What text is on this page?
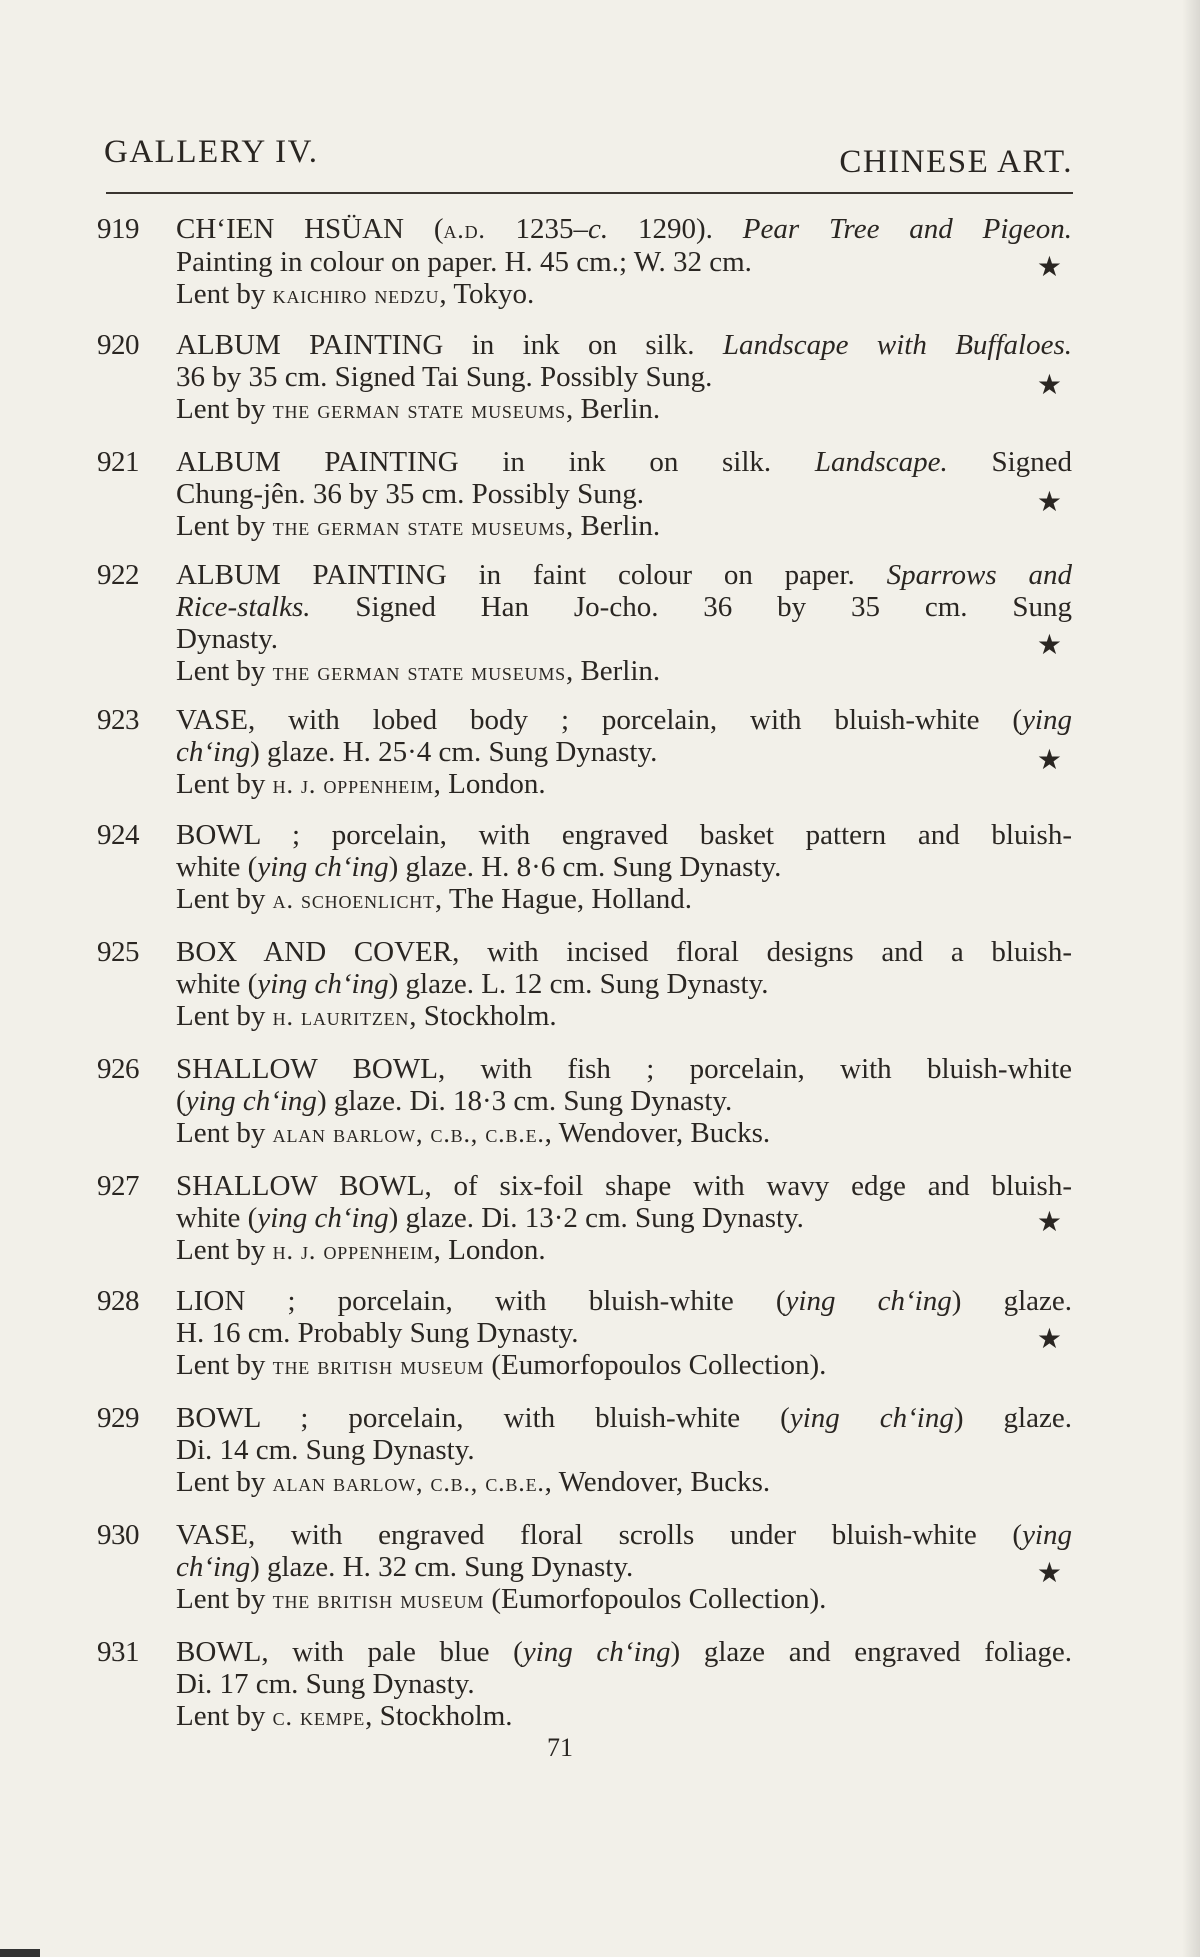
GALLERY IV.	CHINESE ART.
919	CH‘IEN HSÜAN (a.d. 1235–c. 1290). Pear Tree and Pigeon.
Painting in colour on paper. H. 45 cm.; W. 32 cm.	★
Lent by kaichiro nedzu, Tokyo.
920	ALBUM PAINTING in ink on silk. Landscape with Buffaloes.
36 by 35 cm. Signed Tai Sung. Possibly Sung.	★
Lent by the german state museums, Berlin.
921	ALBUM PAINTING in ink on silk. Landscape. Signed
Chung-jên. 36 by 35 cm. Possibly Sung.	★
Lent by the german state museums, Berlin.
922	ALBUM PAINTING in faint colour on paper. Sparrows and
Rice-stalks. Signed Han Jo-cho. 36 by 35 cm. Sung
Dynasty.	★
Lent by the german state museums, Berlin.
923	VASE, with lobed body ; porcelain, with bluish-white (ying
ch‘ing) glaze. H. 25·4 cm. Sung Dynasty.	★
Lent by h. j. oppenheim, London.
924	BOWL ; porcelain, with engraved basket pattern and bluish-
white (ying ch‘ing) glaze. H. 8·6 cm. Sung Dynasty.
Lent by a. schoenlicht, The Hague, Holland.
925	BOX AND COVER, with incised floral designs and a bluish-
white (ying ch‘ing) glaze. L. 12 cm. Sung Dynasty.
Lent by h. lauritzen, Stockholm.
926	SHALLOW BOWL, with fish ; porcelain, with bluish-white
(ying ch‘ing) glaze. Di. 18·3 cm. Sung Dynasty.
Lent by alan barlow, c.b., c.b.e., Wendover, Bucks.
927	SHALLOW BOWL, of six-foil shape with wavy edge and bluish-
white (ying ch‘ing) glaze. Di. 13·2 cm. Sung Dynasty.	★
Lent by h. j. oppenheim, London.
928	LION ; porcelain, with bluish-white (ying ch‘ing) glaze.
H. 16 cm. Probably Sung Dynasty.	★
Lent by the british museum (Eumorfopoulos Collection).
929	BOWL ; porcelain, with bluish-white (ying ch‘ing) glaze.
Di. 14 cm. Sung Dynasty.
Lent by alan barlow, c.b., c.b.e., Wendover, Bucks.
930	VASE, with engraved floral scrolls under bluish-white (ying
ch‘ing) glaze. H. 32 cm. Sung Dynasty.	★
Lent by the british museum (Eumorfopoulos Collection).
931	BOWL, with pale blue (ying ch‘ing) glaze and engraved foliage.
Di. 17 cm. Sung Dynasty.
Lent by c. kempe, Stockholm.
71
